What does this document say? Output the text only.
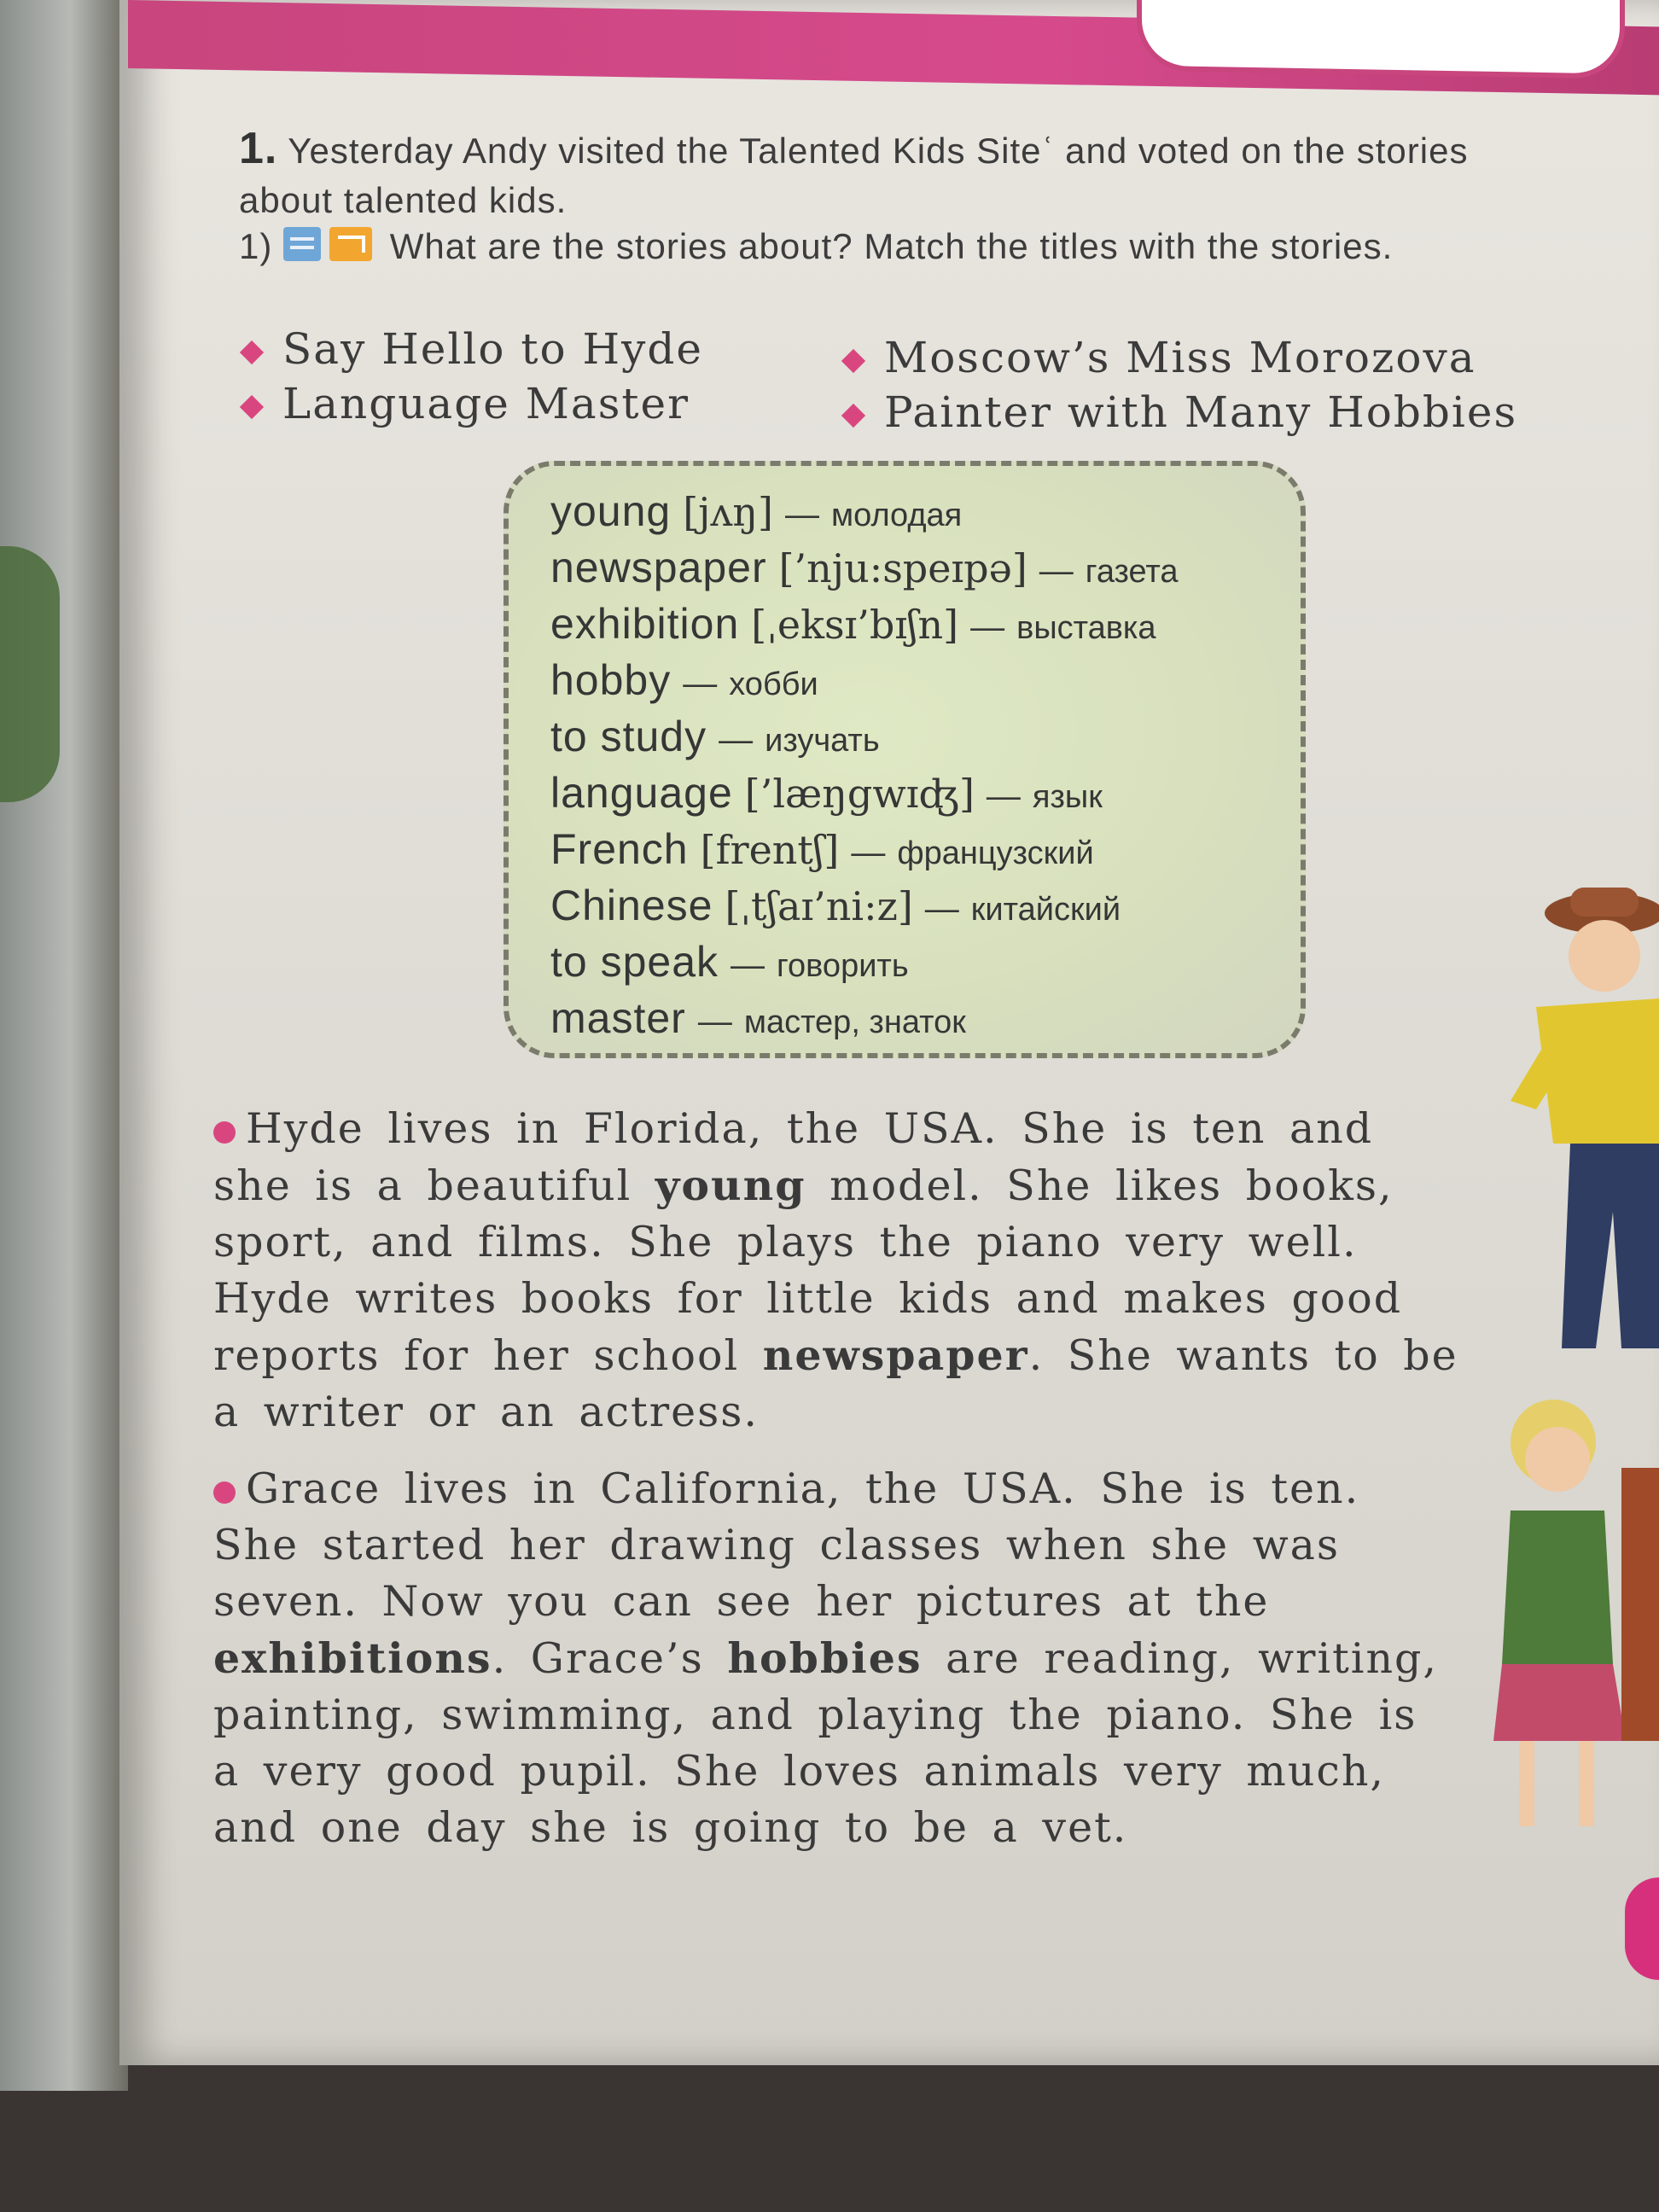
1. Yesterday Andy visited the Talented Kids Siteʿ and voted on the stories about talented kids.
1)	What are the stories about? Match the titles with the stories.
Say Hello to Hyde
Language Master
Moscow’s Miss Morozova
Painter with Many Hobbies
young [jʌŋ] — молодая
newspaper [’nju:speɪpə] — газета
exhibition [ˌeksɪ’bɪʃn] — выставка
hobby — хобби
to study — изучать
language [’læŋgwɪʤ] — язык
French [frentʃ] — французский
Chinese [ˌtʃaɪ’ni:z] — китайский
to speak — говорить
master — мастер, знаток
Hyde lives in Florida, the USA. She is ten and she is a beautiful young model. She likes books, sport, and films. She plays the piano very well. Hyde writes books for little kids and makes good reports for her school newspaper. She wants to be a writer or an actress.
Grace lives in California, the USA. She is ten. She started her drawing classes when she was seven. Now you can see her pictures at the exhibitions. Grace’s hobbies are reading, writing, painting, swimming, and playing the piano. She is a very good pupil. She loves animals very much, and one day she is going to be a vet.
